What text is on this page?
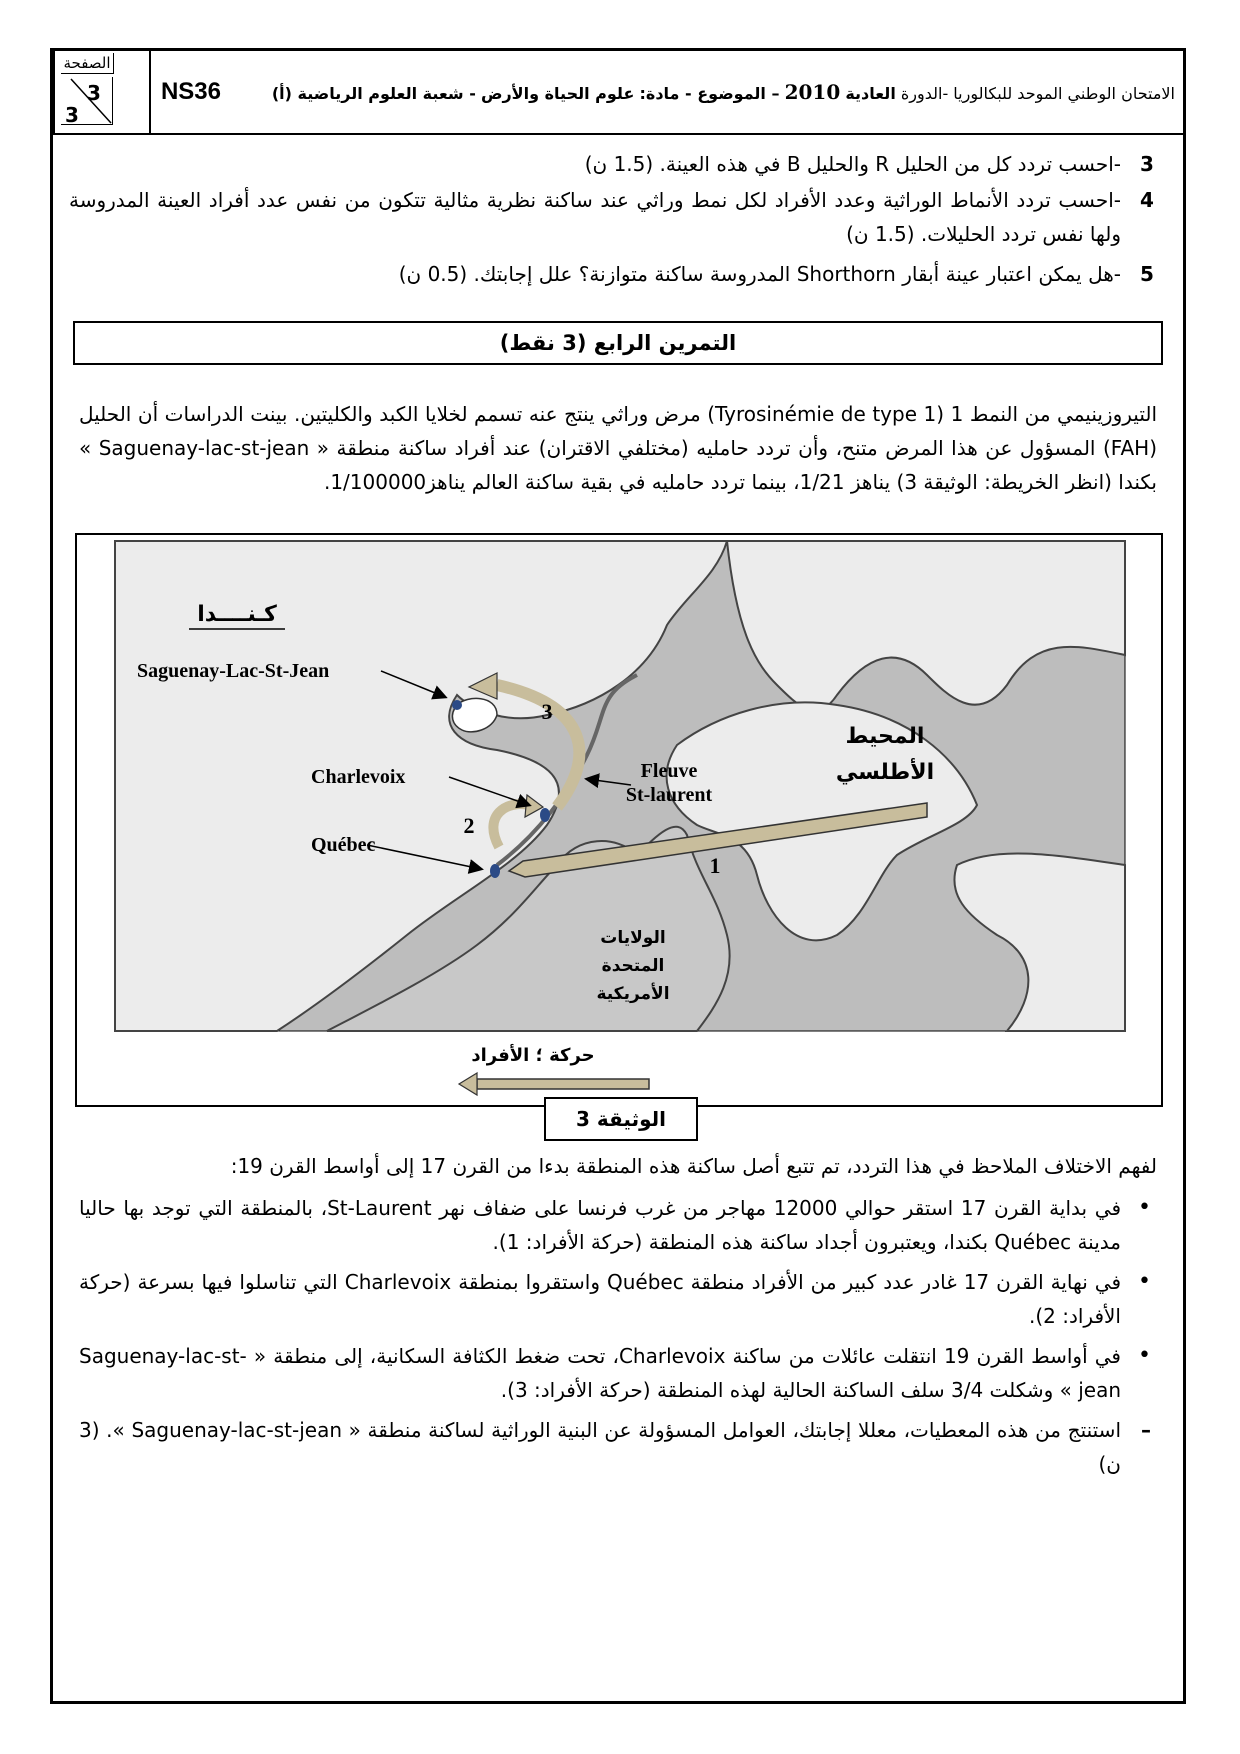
الصفحة
3
3
NS36	الامتحان الوطني الموحد للبكالوريا -الدورة العادية 2010 – الموضوع - مادة: علوم الحياة والأرض - شعبة العلوم الرياضية (أ)
3
-احسب تردد كل من الحليل R والحليل B في هذه العينة. (1.5 ن)
4
-احسب تردد الأنماط الوراثية وعدد الأفراد لكل نمط وراثي عند ساكنة نظرية مثالية تتكون من نفس عدد أفراد العينة المدروسة ولها نفس تردد الحليلات. (1.5 ن)
5
-هل يمكن اعتبار عينة أبقار Shorthorn المدروسة ساكنة متوازنة؟ علل إجابتك. (0.5 ن)
التمرين الرابع (3 نقط)
التيروزينيمي من النمط 1 (Tyrosinémie de type 1) مرض وراثي ينتج عنه تسمم لخلايا الكبد والكليتين. بينت الدراسات أن الحليل (FAH) المسؤول عن هذا المرض متنح، وأن تردد حامليه (مختلفي الاقتران) عند أفراد ساكنة منطقة « Saguenay-lac-st-jean » بكندا (انظر الخريطة: الوثيقة 3) يناهز 1/21، بينما تردد حامليه في بقية ساكنة العالم يناهز1/100000.
كـنــــدا
Saguenay-Lac-St-Jean
Charlevoix
Québec
Fleuve
St-laurent
المحيط
الأطلسي
الولايات
المتحدة
الأمريكية
1
2
3
حركة ؛ الأفراد
الوثيقة 3
لفهم الاختلاف الملاحظ في هذا التردد، تم تتبع أصل ساكنة هذه المنطقة بدءا من القرن 17 إلى أواسط القرن 19:
• في بداية القرن 17 استقر حوالي 12000 مهاجر من غرب فرنسا على ضفاف نهر St-Laurent، بالمنطقة التي توجد بها حاليا مدينة Québec بكندا، ويعتبرون أجداد ساكنة هذه المنطقة (حركة الأفراد: 1).
• في نهاية القرن 17 غادر عدد كبير من الأفراد منطقة Québec واستقروا بمنطقة Charlevoix التي تناسلوا فيها بسرعة (حركة الأفراد: 2).
• في أواسط القرن 19 انتقلت عائلات من ساكنة Charlevoix، تحت ضغط الكثافة السكانية، إلى منطقة « Saguenay-lac-st-jean » وشكلت 3/4 سلف الساكنة الحالية لهذه المنطقة (حركة الأفراد: 3).
–
استنتج من هذه المعطيات، معللا إجابتك، العوامل المسؤولة عن البنية الوراثية لساكنة منطقة « Saguenay-lac-st-jean ». (3 ن)
